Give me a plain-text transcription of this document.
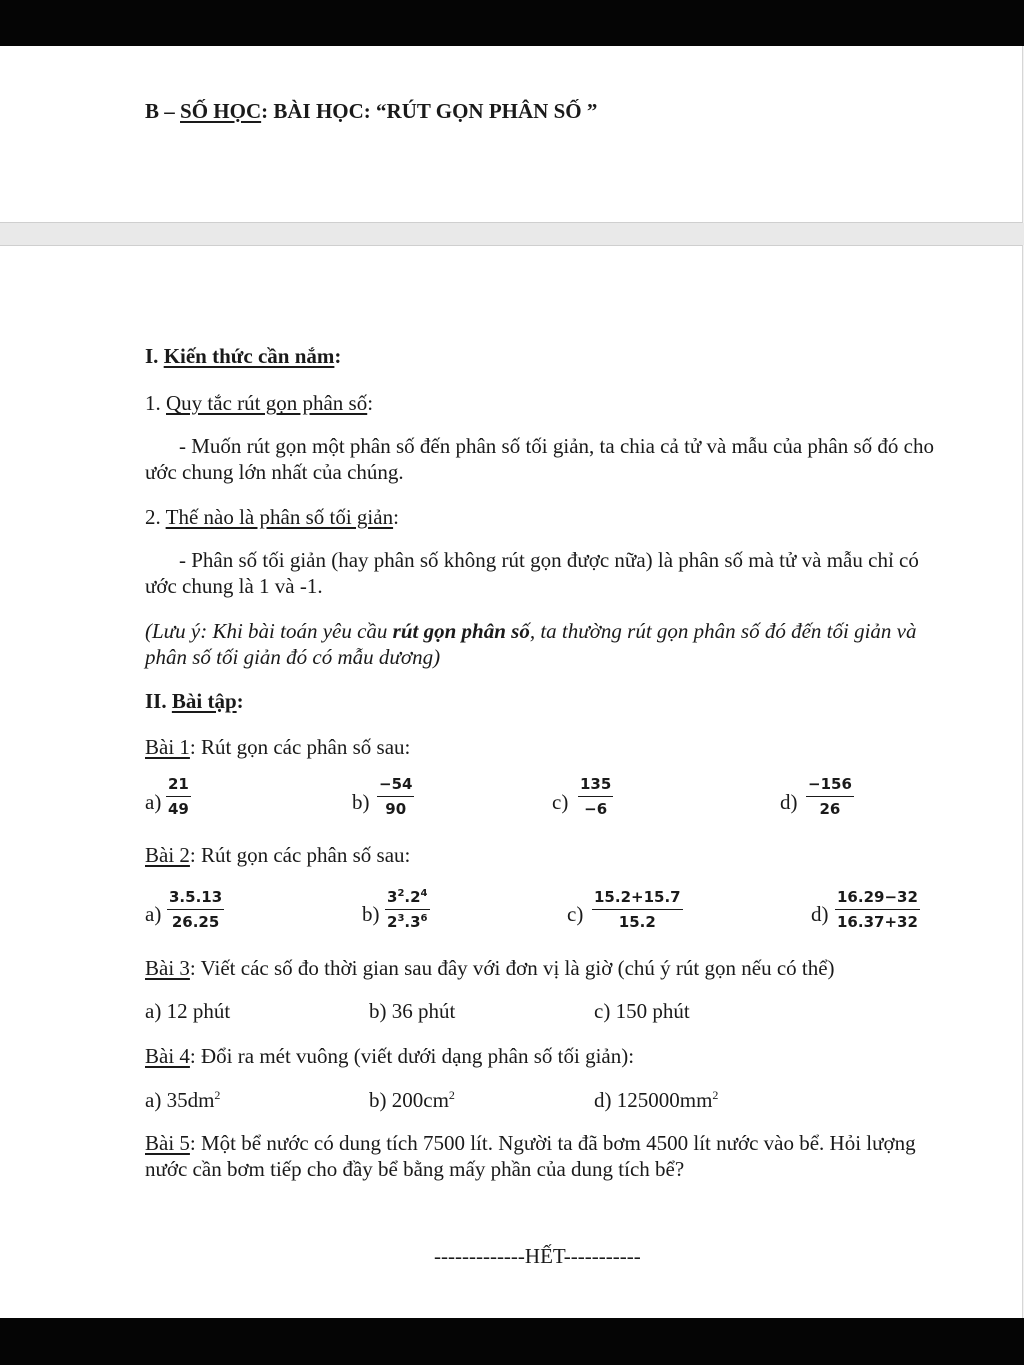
B – SỐ HỌC: BÀI HỌC: “RÚT GỌN PHÂN SỐ ”
I. Kiến thức cần nắm:
1. Quy tắc rút gọn phân số:
- Muốn rút gọn một phân số đến phân số tối giản, ta chia cả tử và mẫu của phân số đó cho ước chung lớn nhất của chúng.
2. Thế nào là phân số tối giản:
- Phân số tối giản (hay phân số không rút gọn được nữa) là phân số mà tử và mẫu chỉ có ước chung là 1 và -1.
(Lưu ý: Khi bài toán yêu cầu rút gọn phân số, ta thường rút gọn phân số đó đến tối giản và phân số tối giản đó có mẫu dương)
II. Bài tập:
Bài 1: Rút gọn các phân số sau:
a)
21
49	b)
−54
90	c)
135
−6	d)
−156
26
Bài 2: Rút gọn các phân số sau:
a)
3.5.13
26.25	b)
$3^2.2^4$
$2^3.3^6$	c)
15.2+15.7
15.2	d)
16.29−32
16.37+32
Bài 3: Viết các số đo thời gian sau đây với đơn vị là giờ (chú ý rút gọn nếu có thể)
a) 12 phút	b) 36 phút	c) 150 phút
Bài 4: Đổi ra mét vuông (viết dưới dạng phân số tối giản):
a) $35dm^2$	b) $200cm^2$	d) $125000mm^2$
Bài 5: Một bể nước có dung tích 7500 lít. Người ta đã bơm 4500 lít nước vào bể. Hỏi lượng nước cần bơm tiếp cho đầy bể bằng mấy phần của dung tích bể?
-------------HẾT-----------
